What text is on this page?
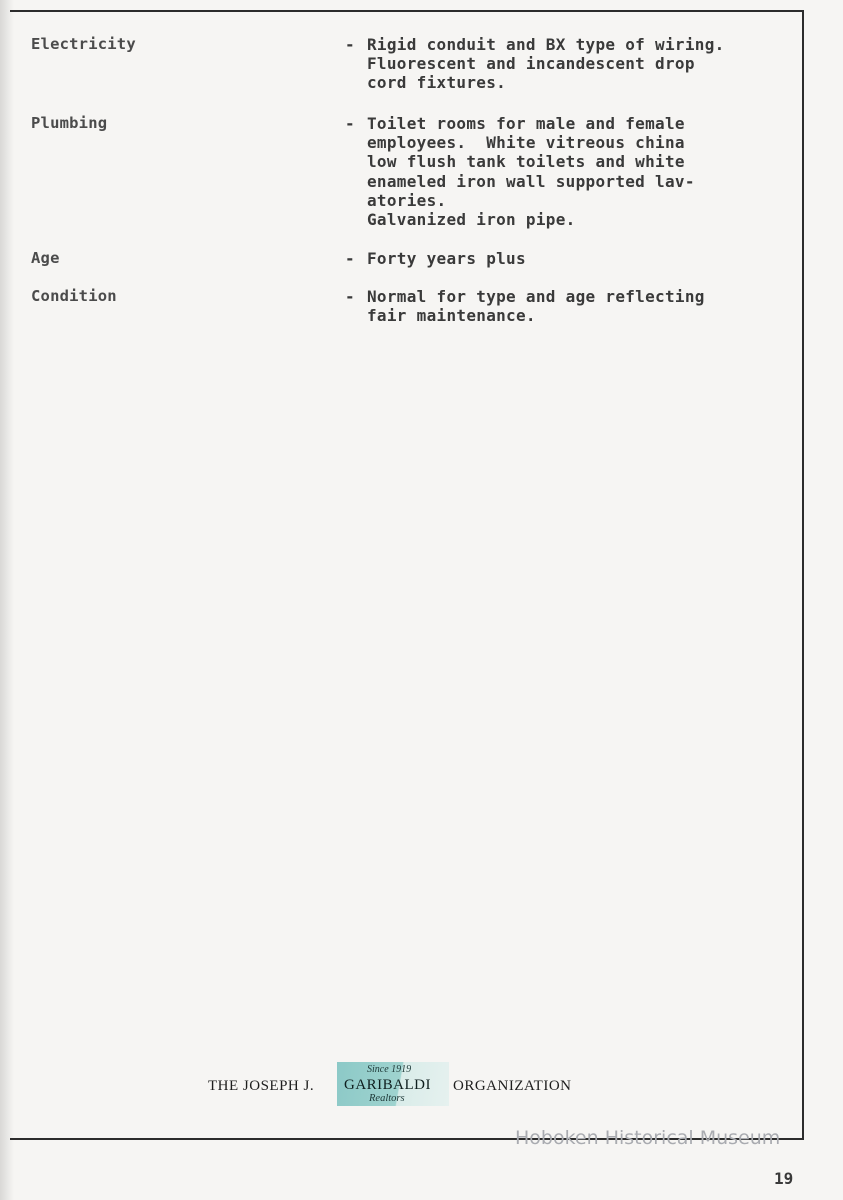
Electricity	- Rigid conduit and BX type of wiring.
Fluorescent and incandescent drop
cord fixtures.
Plumbing	- Toilet rooms for male and female
employees.  White vitreous china
low flush tank toilets and white
enameled iron wall supported lav-
atories.
Galvanized iron pipe.
Age	- Forty years plus
Condition	- Normal for type and age reflecting
fair maintenance.
THE JOSEPH J.
Since 1919
GARIBALDI
Realtors
ORGANIZATION
Hoboken Historical Museum
19
